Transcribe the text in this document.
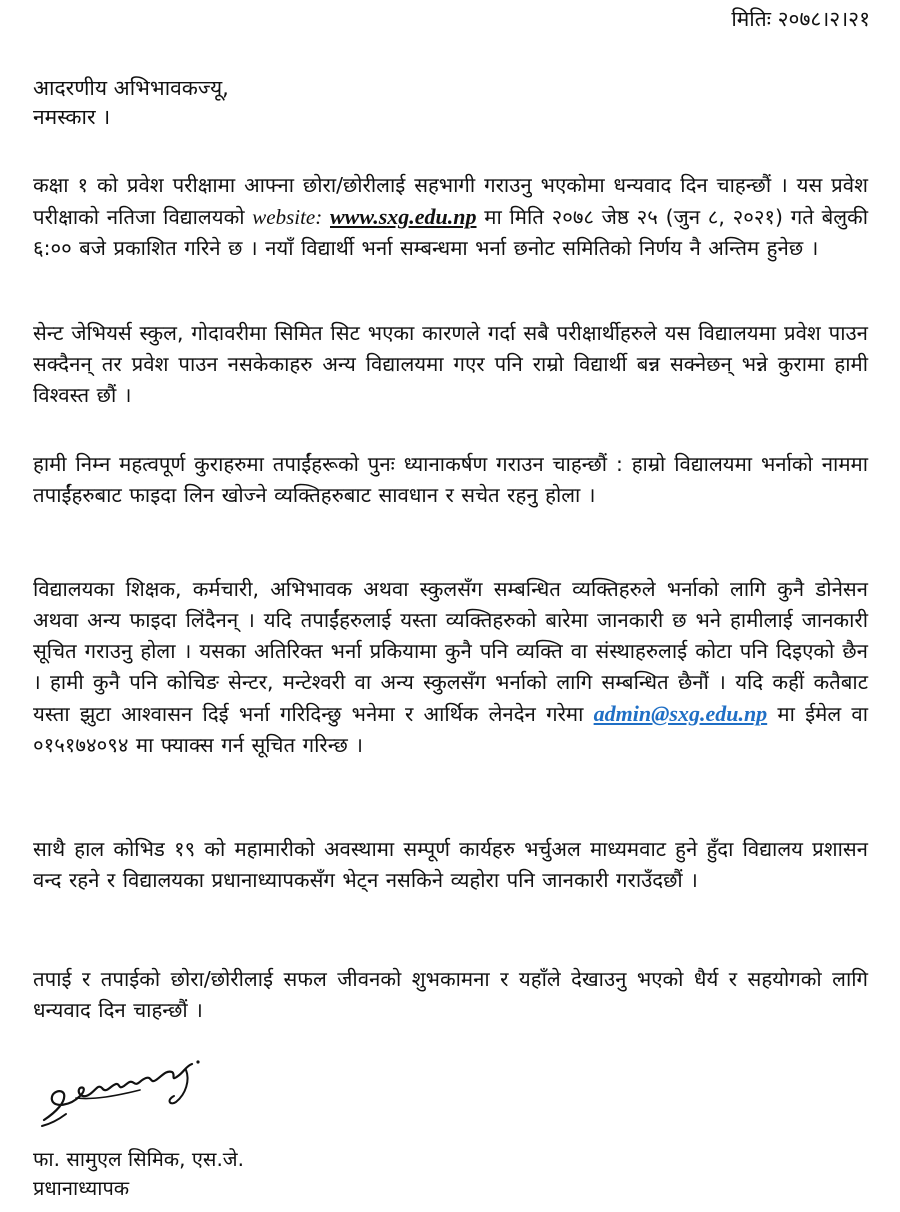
मितिः २०७८।२।२१
आदरणीय अभिभावकज्यू,
नमस्कार ।
कक्षा १ को प्रवेश परीक्षामा आफ्ना छोरा/छोरीलाई सहभागी गराउनु भएकोमा धन्यवाद दिन चाहन्छौं । यस प्रवेश परीक्षाको नतिजा विद्यालयको website: www.sxg.edu.np मा मिति २०७८ जेष्ठ २५ (जुन ८, २०२१) गते बेलुकी ६:०० बजे प्रकाशित गरिने छ । नयाँ विद्यार्थी भर्ना सम्बन्धमा भर्ना छनोट समितिको निर्णय नै अन्तिम हुनेछ ।
सेन्ट जेभियर्स स्कुल, गोदावरीमा सिमित सिट भएका कारणले गर्दा सबै परीक्षार्थीहरुले यस विद्यालयमा प्रवेश पाउन सक्दैनन् तर प्रवेश पाउन नसकेकाहरु अन्य विद्यालयमा गएर पनि राम्रो विद्यार्थी बन्न सक्नेछन् भन्ने कुरामा हामी विश्वस्त छौं ।
हामी निम्न महत्वपूर्ण कुराहरुमा तपाईंहरूको पुनः ध्यानाकर्षण गराउन चाहन्छौं : हाम्रो विद्यालयमा भर्नाको नाममा तपाईंहरुबाट फाइदा लिन खोज्ने व्यक्तिहरुबाट सावधान र सचेत रहनु होला ।
विद्यालयका शिक्षक, कर्मचारी, अभिभावक अथवा स्कुलसँग सम्बन्धित व्यक्तिहरुले भर्नाको लागि कुनै डोनेसन अथवा अन्य फाइदा लिंदैनन् । यदि तपाईंहरुलाई यस्ता व्यक्तिहरुको बारेमा जानकारी छ भने हामीलाई जानकारी सूचित गराउनु होला । यसका अतिरिक्त भर्ना प्रकियामा कुनै पनि व्यक्ति वा संस्थाहरुलाई कोटा पनि दिइएको छैन । हामी कुनै पनि कोचिङ सेन्टर, मन्टेश्वरी वा अन्य स्कुलसँग भर्नाको लागि सम्बन्धित छैनौं । यदि कहीं कतैबाट यस्ता झुटा आश्वासन दिई भर्ना गरिदिन्छु भनेमा र आर्थिक लेनदेन गरेमा admin@sxg.edu.np मा ईमेल वा ०१५१७४०९४ मा फ्याक्स गर्न सूचित गरिन्छ ।
साथै हाल कोभिड १९ को महामारीको अवस्थामा सम्पूर्ण कार्यहरु भर्चुअल माध्यमवाट हुने हुँदा विद्यालय प्रशासन वन्द रहने र विद्यालयका प्रधानाध्यापकसँग भेट्न नसकिने व्यहोरा पनि जानकारी गराउँदछौं ।
तपाई र तपाईको छोरा/छोरीलाई सफल जीवनको शुभकामना र यहाँले देखाउनु भएको धैर्य र सहयोगको लागि धन्यवाद दिन चाहन्छौं ।
फा. सामुएल सिमिक, एस.जे.
प्रधानाध्यापक
